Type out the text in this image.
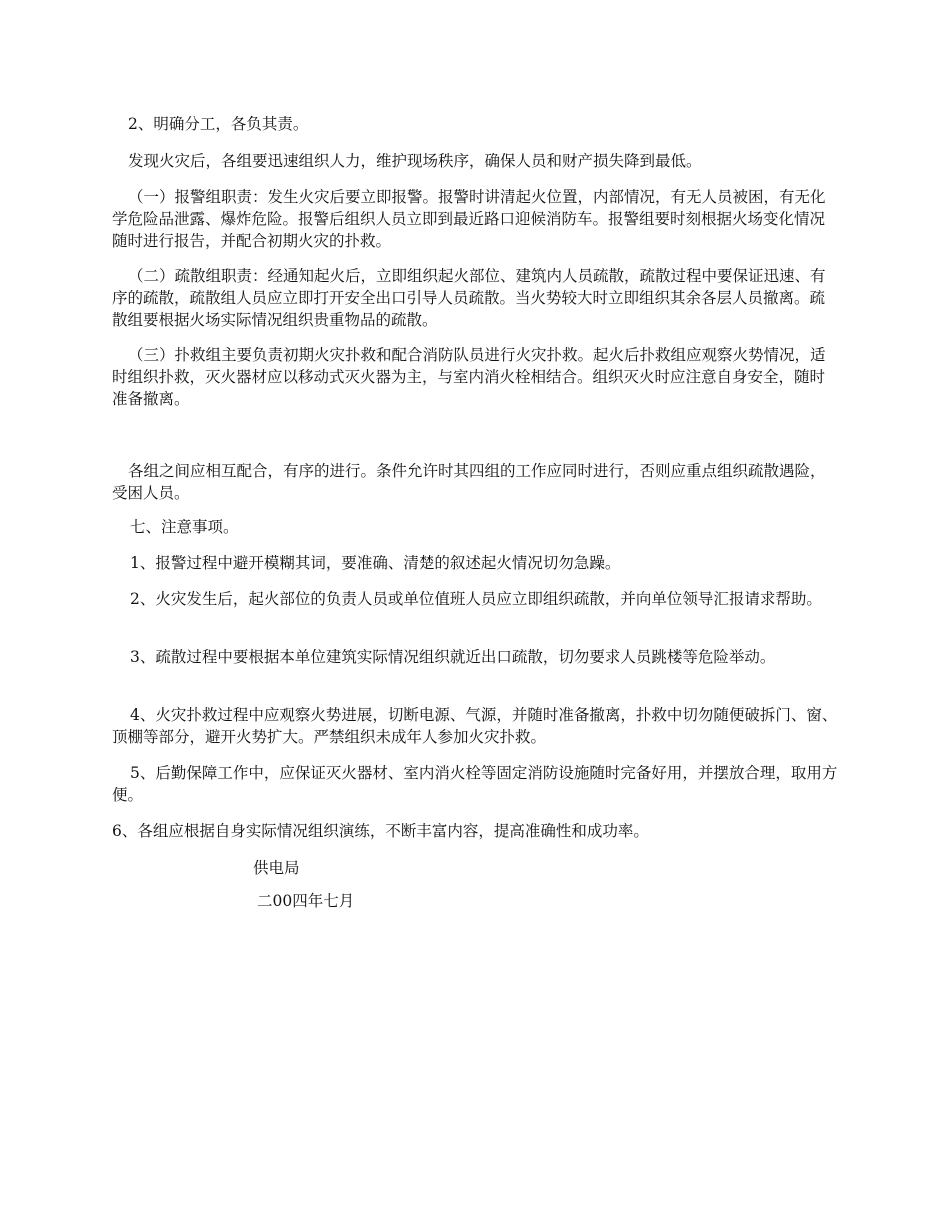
2、明确分工，各负其责。

发现火灾后，各组要迅速组织人力，维护现场秩序，确保人员和财产损失降到最低。

（一）报警组职责：发生火灾后要立即报警。报警时讲清起火位置，内部情况，有无人员被困，有无化学危险品泄露、爆炸危险。报警后组织人员立即到最近路口迎候消防车。报警组要时刻根据火场变化情况随时进行报告，并配合初期火灾的扑救。

（二）疏散组职责：经通知起火后，立即组织起火部位、建筑内人员疏散，疏散过程中要保证迅速、有序的疏散，疏散组人员应立即打开安全出口引导人员疏散。当火势较大时立即组织其余各层人员撤离。疏散组要根据火场实际情况组织贵重物品的疏散。

（三）扑救组主要负责初期火灾扑救和配合消防队员进行火灾扑救。起火后扑救组应观察火势情况，适时组织扑救，灭火器材应以移动式灭火器为主，与室内消火栓相结合。组织灭火时应注意自身安全，随时准备撤离。

各组之间应相互配合，有序的进行。条件允许时其四组的工作应同时进行，否则应重点组织疏散遇险，受困人员。

七、注意事项。

1、报警过程中避开模糊其词，要准确、清楚的叙述起火情况切勿急躁。

2、火灾发生后，起火部位的负责人员或单位值班人员应立即组织疏散，并向单位领导汇报请求帮助。

3、疏散过程中要根据本单位建筑实际情况组织就近出口疏散，切勿要求人员跳楼等危险举动。

4、火灾扑救过程中应观察火势进展，切断电源、气源，并随时准备撤离，扑救中切勿随便破拆门、窗、顶棚等部分，避开火势扩大。严禁组织未成年人参加火灾扑救。

5、后勤保障工作中，应保证灭火器材、室内消火栓等固定消防设施随时完备好用，并摆放合理，取用方便。

6、各组应根据自身实际情况组织演练，不断丰富内容，提高准确性和成功率。

供电局

二00四年七月
